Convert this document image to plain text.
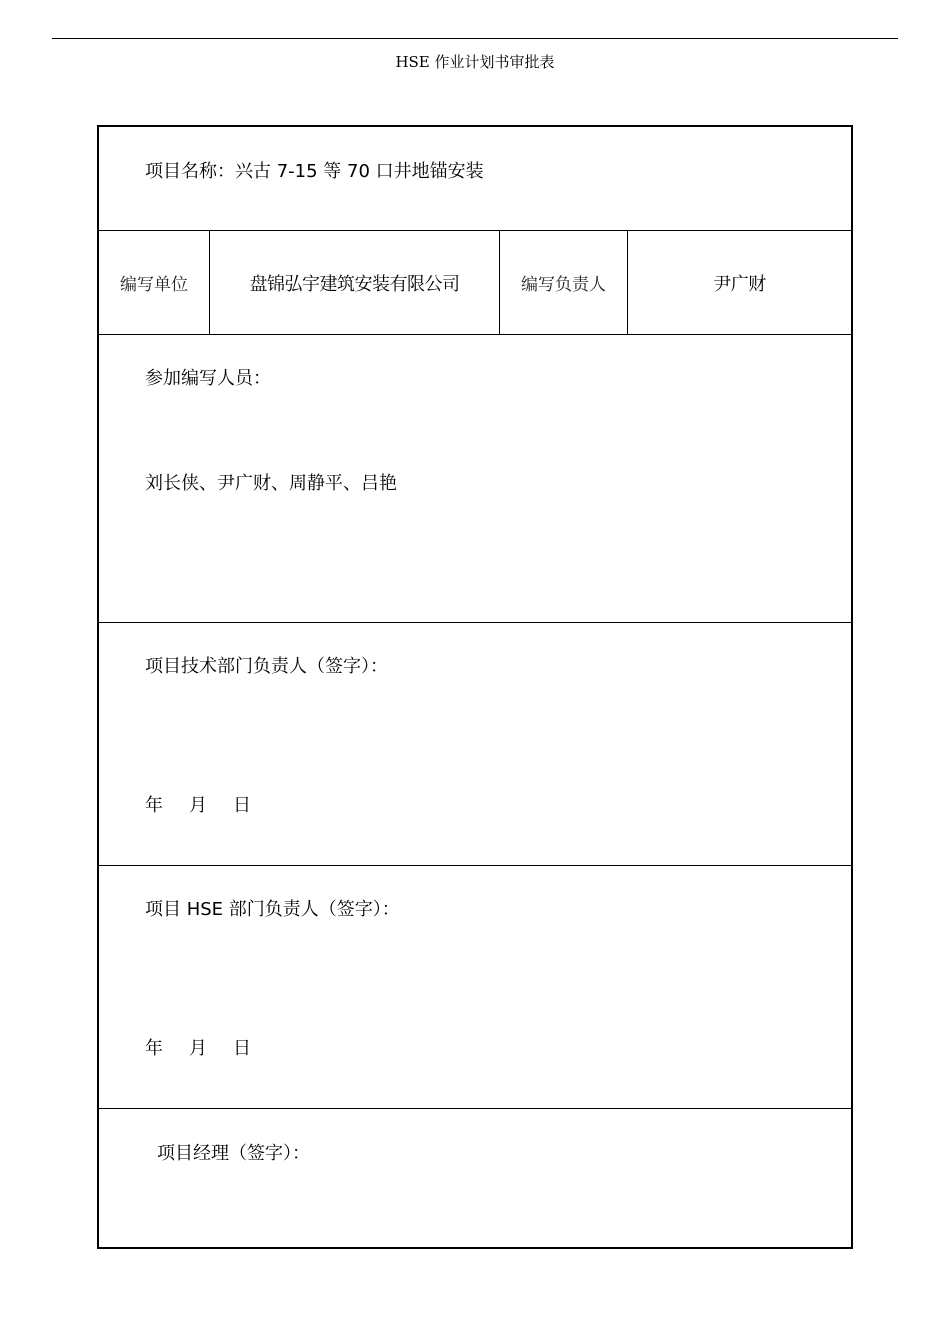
HSE 作业计划书审批表
项目名称：兴古 7-15 等 70 口井地锚安装
编写单位	盘锦弘宇建筑安装有限公司	编写负责人	尹广财
参加编写人员：
刘长侠、尹广财、周静平、吕艳
项目技术部门负责人（签字）：
年 月 日
项目 HSE 部门负责人（签字）：
年 月 日
项目经理（签字）：
